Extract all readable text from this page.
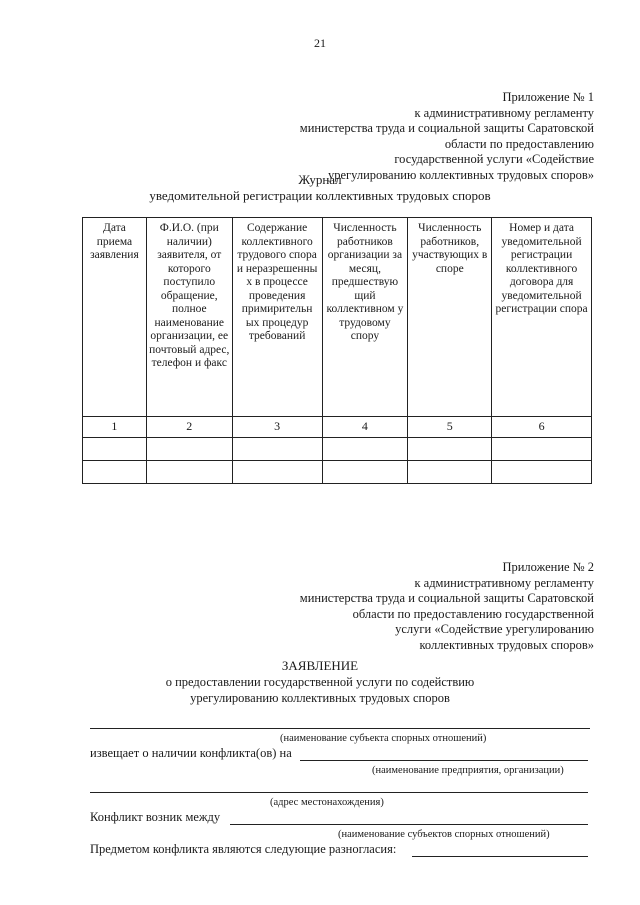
21
Приложение № 1
к административному регламенту
министерства труда и социальной защиты Саратовской
области по предоставлению
государственной услуги «Содействие
урегулированию коллективных трудовых споров»
Журнал
уведомительной регистрации коллективных трудовых споров
Дата приема заявления	Ф.И.О. (при наличии) заявителя, от которого поступило обращение, полное наименование организации, ее почтовый адрес, телефон и факс	Содержание коллективного трудового спора и неразрешенны х в процессе проведения примирительн ых процедур требований	Численность работников организации за месяц, предшествую щий коллективном у трудовому спору	Численность работников, участвующих в споре	Номер и дата уведомительной регистрации коллективного договора для уведомительной регистрации спора
1	2	3	4	5	6

Приложение № 2
к административному регламенту
министерства труда и социальной защиты Саратовской
области по предоставлению государственной
услуги «Содействие урегулированию
коллективных трудовых споров»
ЗАЯВЛЕНИЕ
о предоставлении государственной услуги по содействию
урегулированию коллективных трудовых споров
(наименование субъекта спорных отношений)
извещает о наличии конфликта(ов) на
(наименование предприятия, организации)
(адрес местонахождения)
Конфликт возник между
(наименование субъектов спорных отношений)
Предметом конфликта являются следующие разногласия:
